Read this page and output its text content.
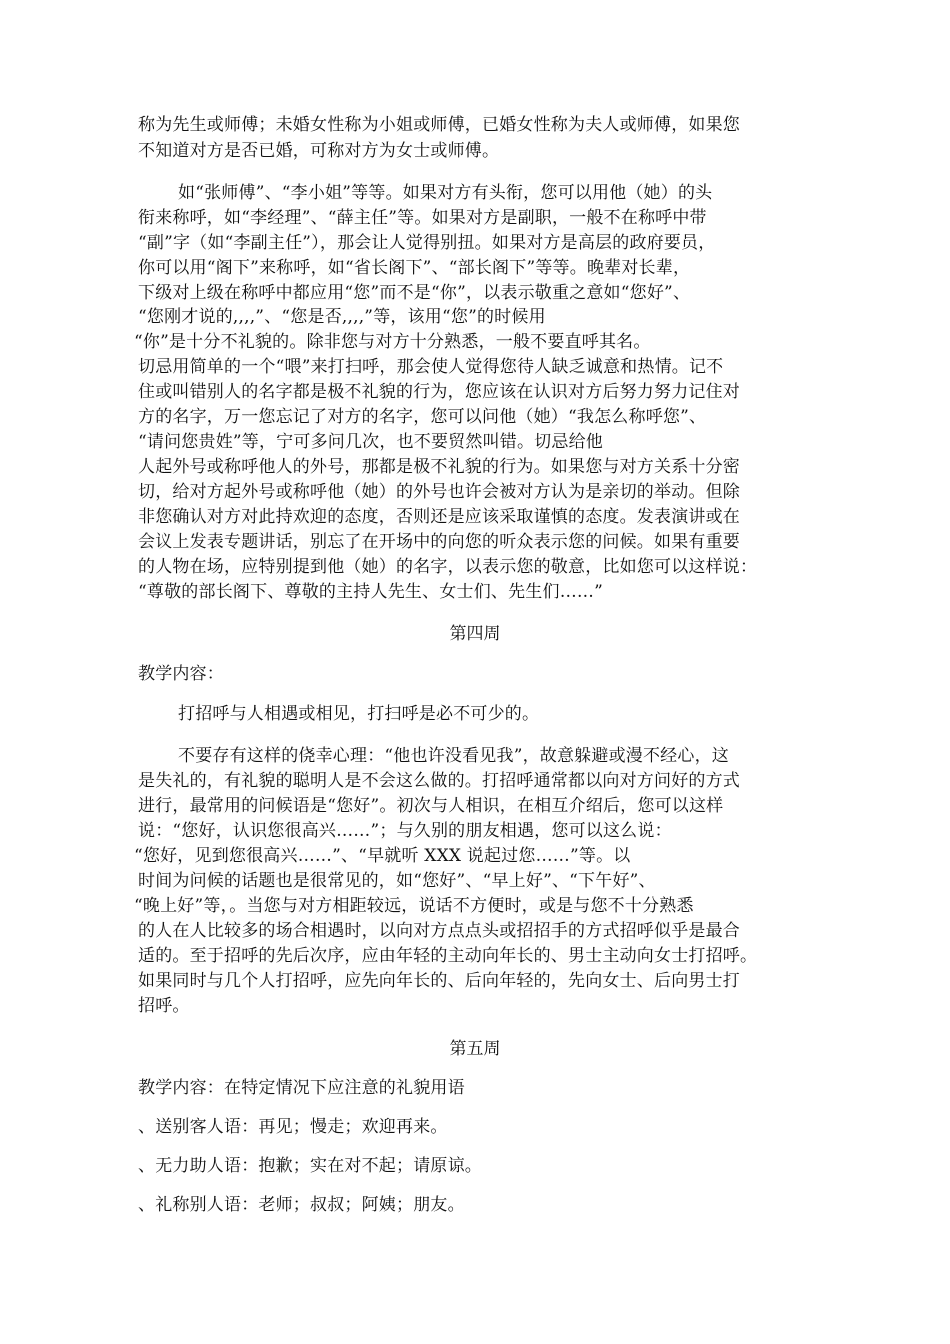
称为先生或师傅；未婚女性称为小姐或师傅，已婚女性称为夫人或师傅，如果您
不知道对方是否已婚，可称对方为女士或师傅。
如“张师傅”、“李小姐”等等。如果对方有头衔，您可以用他（她）的头
衔来称呼，如“李经理”、“薛主任”等。如果对方是副职，一般不在称呼中带
“副”字（如“李副主任”），那会让人觉得别扭。如果对方是高层的政府要员，
你可以用“阁下”来称呼，如“省长阁下”、“部长阁下”等等。晚辈对长辈，
下级对上级在称呼中都应用“您”而不是“你”，以表示敬重之意如“您好”、
“您刚才说的,,,,”、“您是否,,,,”等，该用“您”的时候用
“你”是十分不礼貌的。除非您与对方十分熟悉，一般不要直呼其名。
切忌用简单的一个“喂”来打扫呼，那会使人觉得您待人缺乏诚意和热情。记不
住或叫错别人的名字都是极不礼貌的行为，您应该在认识对方后努力努力记住对
方的名字，万一您忘记了对方的名字，您可以问他（她）“我怎么称呼您”、
“请问您贵姓”等，宁可多问几次，也不要贸然叫错。切忌给他
人起外号或称呼他人的外号，那都是极不礼貌的行为。如果您与对方关系十分密
切，给对方起外号或称呼他（她）的外号也许会被对方认为是亲切的举动。但除
非您确认对方对此持欢迎的态度，否则还是应该采取谨慎的态度。发表演讲或在
会议上发表专题讲话，别忘了在开场中的向您的听众表示您的问候。如果有重要
的人物在场，应特别提到他（她）的名字，以表示您的敬意，比如您可以这样说：
“尊敬的部长阁下、尊敬的主持人先生、女士们、先生们……”
第四周
教学内容：
打招呼与人相遇或相见，打扫呼是必不可少的。
不要存有这样的侥幸心理：“他也许没看见我”，故意躲避或漫不经心，这
是失礼的，有礼貌的聪明人是不会这么做的。打招呼通常都以向对方问好的方式
进行，最常用的问候语是“您好”。初次与人相识，在相互介绍后，您可以这样
说：“您好，认识您很高兴……”；与久别的朋友相遇，您可以这么说：
“您好，见到您很高兴……”、“早就听 XXX 说起过您……”等。以
时间为问候的话题也是很常见的，如“您好”、“早上好”、“下午好”、
“晚上好”等，。当您与对方相距较远，说话不方便时，或是与您不十分熟悉
的人在人比较多的场合相遇时，以向对方点点头或招招手的方式招呼似乎是最合
适的。至于招呼的先后次序，应由年轻的主动向年长的、男士主动向女士打招呼。
如果同时与几个人打招呼，应先向年长的、后向年轻的，先向女士、后向男士打
招呼。
第五周
教学内容：在特定情况下应注意的礼貌用语
、送别客人语：再见；慢走；欢迎再来。
、无力助人语：抱歉；实在对不起；请原谅。
、礼称别人语：老师；叔叔；阿姨；朋友。
